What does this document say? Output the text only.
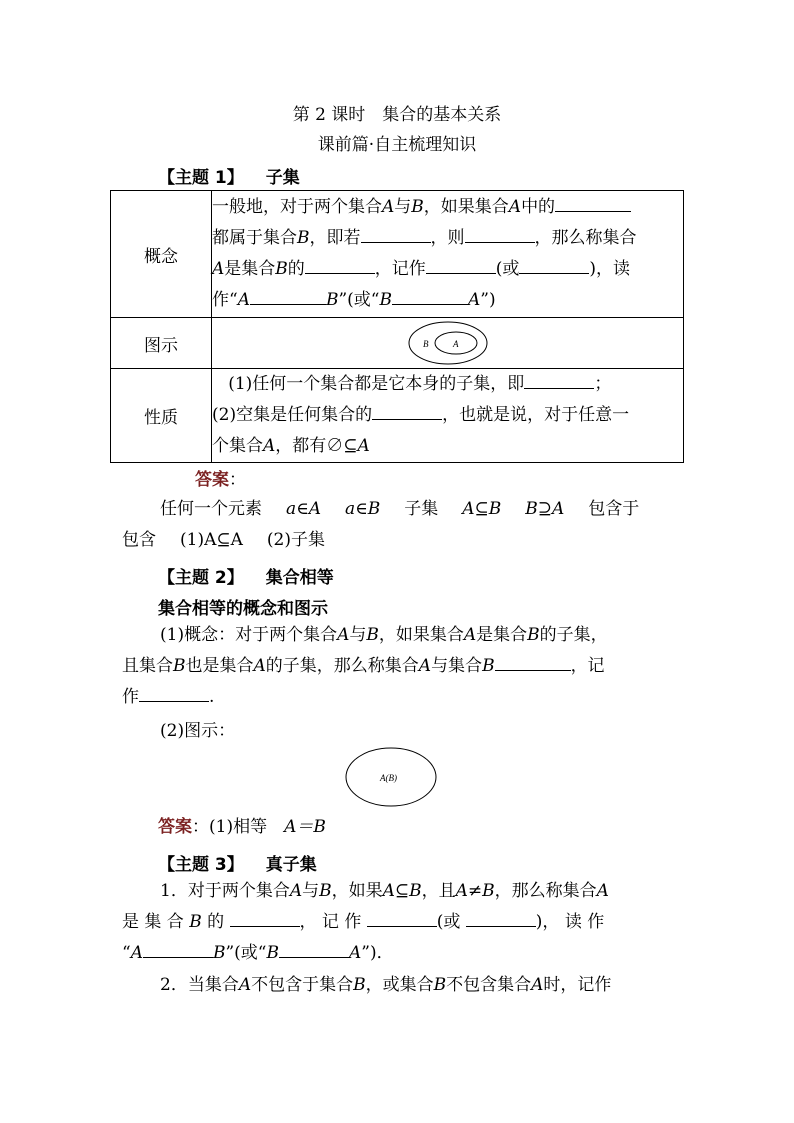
第 2 课时　集合的基本关系
课前篇·自主梳理知识
【主题 1】 子集
概念	一般地，对于两个集合A与B，如果集合A中的

都属于集合B，即若 ，则 ，那么称集合

A是集合B的 ，记作 (或 )，读

作“A B”(或“B A”)

图示	B A

性质	(1)任何一个集合都是它本身的子集，即 ；

(2)空集是任何集合的 ，也就是说，对于任意一

个集合A，都有∅⊆A

答案：
任何一个元素 a∈A a∈B 子集 A⊆B B⊇A 包含于
包含 (1)A⊆A (2)子集
【主题 2】 集合相等
集合相等的概念和图示
(1)概念：对于两个集合A与B，如果集合A是集合B的子集，
且集合B也是集合A的子集，那么称集合A与集合B	，记
作	.
(2)图示：
A(B)
答案：(1)相等　A＝B
【主题 3】 真子集
1．对于两个集合A与B，如果A⊆B，且A≠B，那么称集合A
是 集 合 B 的	， 记 作	(或	)， 读 作
“A	B”(或“B	A”)．
2．当集合A不包含于集合B，或集合B不包含集合A时，记作
